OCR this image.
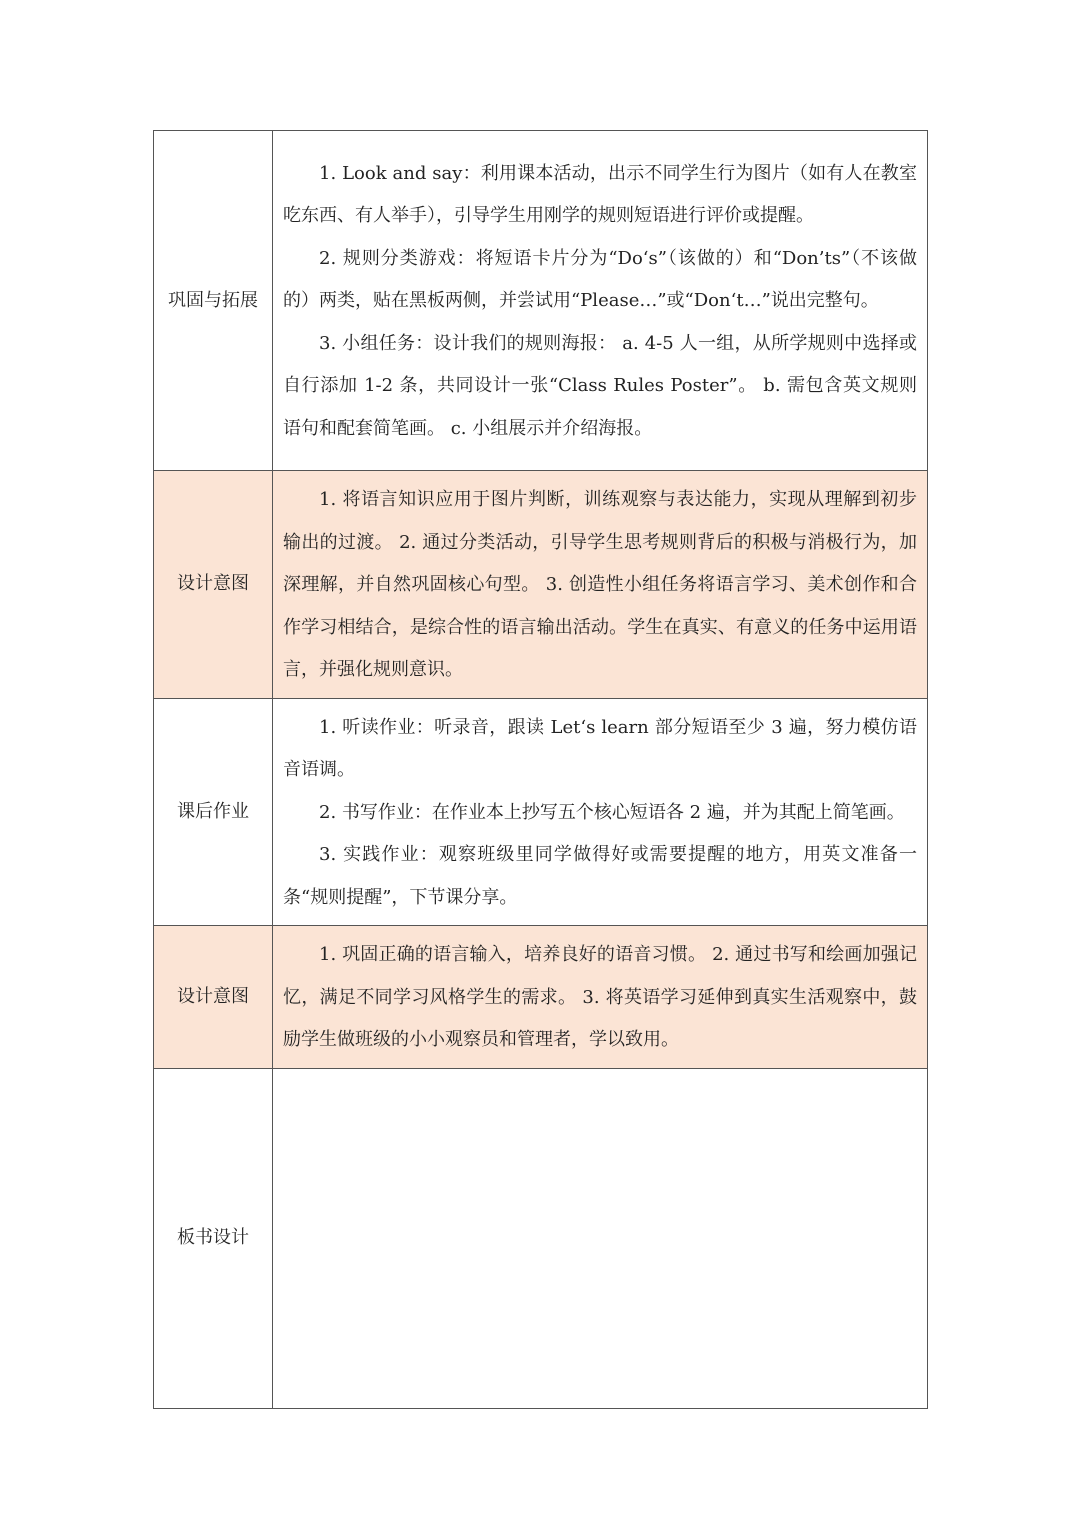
巩固与拓展	1. Look and say：利用课本活动，出示不同学生行为图片（如有人在教室吃东西、有人举手），引导学生用刚学的规则短语进行评价或提醒。

2. 规则分类游戏：将短语卡片分为“Do‘s”（该做的）和“Don’ts”（不该做的）两类，贴在黑板两侧，并尝试用“Please…”或“Don‘t…”说出完整句。

3. 小组任务：设计我们的规则海报： a. 4-5 人一组，从所学规则中选择或自行添加 1-2 条，共同设计一张“Class Rules Poster”。 b. 需包含英文规则语句和配套简笔画。 c. 小组展示并介绍海报。

设计意图	1. 将语言知识应用于图片判断，训练观察与表达能力，实现从理解到初步输出的过渡。 2. 通过分类活动，引导学生思考规则背后的积极与消极行为，加深理解，并自然巩固核心句型。 3. 创造性小组任务将语言学习、美术创作和合作学习相结合，是综合性的语言输出活动。学生在真实、有意义的任务中运用语言，并强化规则意识。

课后作业	1. 听读作业：听录音，跟读 Let‘s learn 部分短语至少 3 遍，努力模仿语音语调。

2. 书写作业：在作业本上抄写五个核心短语各 2 遍，并为其配上简笔画。

3. 实践作业：观察班级里同学做得好或需要提醒的地方，用英文准备一条“规则提醒”，下节课分享。

设计意图	1. 巩固正确的语言输入，培养良好的语音习惯。 2. 通过书写和绘画加强记忆，满足不同学习风格学生的需求。 3. 将英语学习延伸到真实生活观察中，鼓励学生做班级的小小观察员和管理者，学以致用。

板书设计	
